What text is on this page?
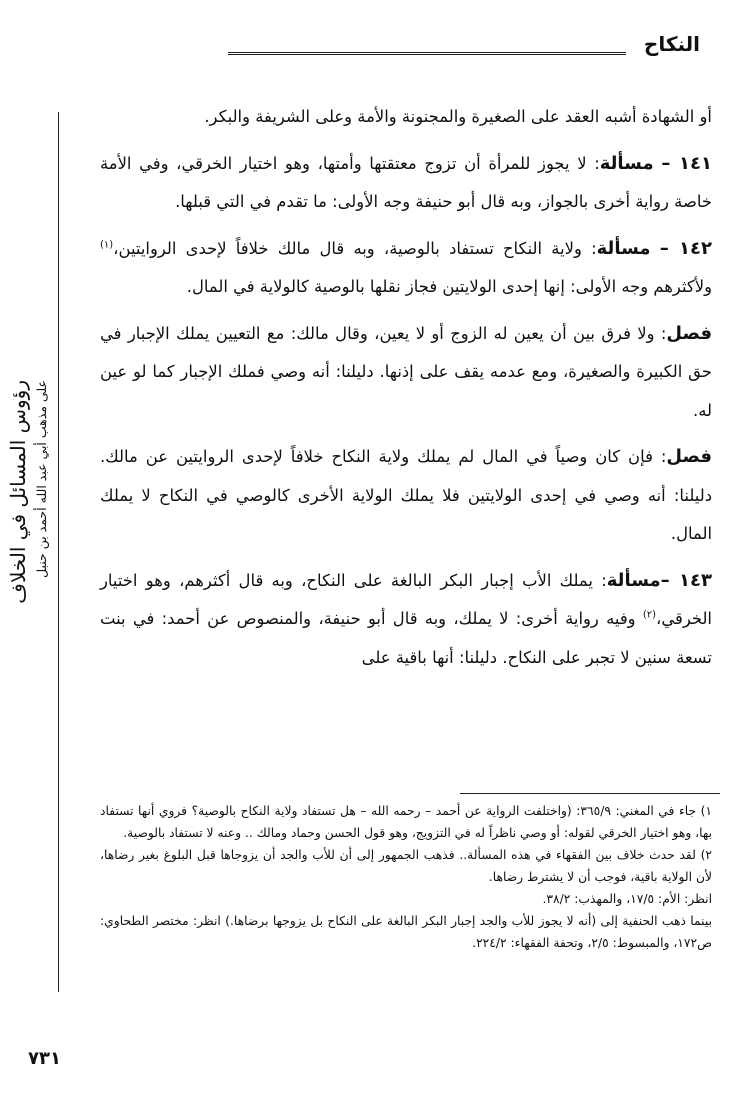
النكاح
رؤوس المسائل في الخلاف على مذهب أبي عبد الله أحمد بن حنبل

أو الشهادة أشبه العقد على الصغيرة والمجنونة والأمة وعلى الشريفة والبكر.

١٤١ – مسألة: لا يجوز للمرأة أن تزوج معتقتها وأمتها، وهو اختيار الخرقي، وفي الأمة خاصة رواية أخرى بالجواز، وبه قال أبو حنيفة وجه الأولى: ما تقدم في التي قبلها.

١٤٢ – مسألة: ولاية النكاح تستفاد بالوصية، وبه قال مالك خلافاً لإحدى الروايتين،$^{(١)}$ ولأكثرهم وجه الأولى: إنها إحدى الولايتين فجاز نقلها بالوصية كالولاية في المال.

فصل: ولا فرق بين أن يعين له الزوج أو لا يعين، وقال مالك: مع التعيين يملك الإجبار في حق الكبيرة والصغيرة، ومع عدمه يقف على إذنها. دليلنا: أنه وصي فملك الإجبار كما لو عين له.

فصل: فإن كان وصياً في المال لم يملك ولاية النكاح خلافاً لإحدى الروايتين عن مالك. دليلنا: أنه وصي في إحدى الولايتين فلا يملك الولاية الأخرى كالوصي في النكاح لا يملك المال.

١٤٣ –مسألة: يملك الأب إجبار البكر البالغة على النكاح، وبه قال أكثرهم، وهو اختيار الخرقي،$^{(٢)}$ وفيه رواية أخرى: لا يملك، وبه قال أبو حنيفة، والمنصوص عن أحمد: في بنت تسعة سنين لا تجبر على النكاح. دليلنا: أنها باقية على

١) جاء في المغني: ٣٦٥/٩: (واختلفت الرواية عن أحمد – رحمه الله – هل تستفاد ولاية النكاح بالوصية؟ فروي أنها تستفاد بها، وهو اختيار الخرقي لقوله: أو وصي ناظراً له في التزويج، وهو قول الحسن وحماد ومالك .. وعنه لا تستفاد بالوصية.

٢) لقد حدث خلاف بين الفقهاء في هذه المسألة.. فذهب الجمهور إلى أن للأب والجد أن يزوجاها قبل البلوغ بغير رضاها، لأن الولاية باقية، فوجب أن لا يشترط رضاها.

انظر: الأم: ١٧/٥، والمهذب: ٣٨/٢.

بينما ذهب الحنفية إلى (أنه لا يجوز للأب والجد إجبار البكر البالغة على النكاح بل يزوجها برضاها.) انظر: مختصر الطحاوي: ص١٧٢، والمبسوط: ٢/٥، وتحفة الفقهاء: ٢٢٤/٢.

٧٣١
